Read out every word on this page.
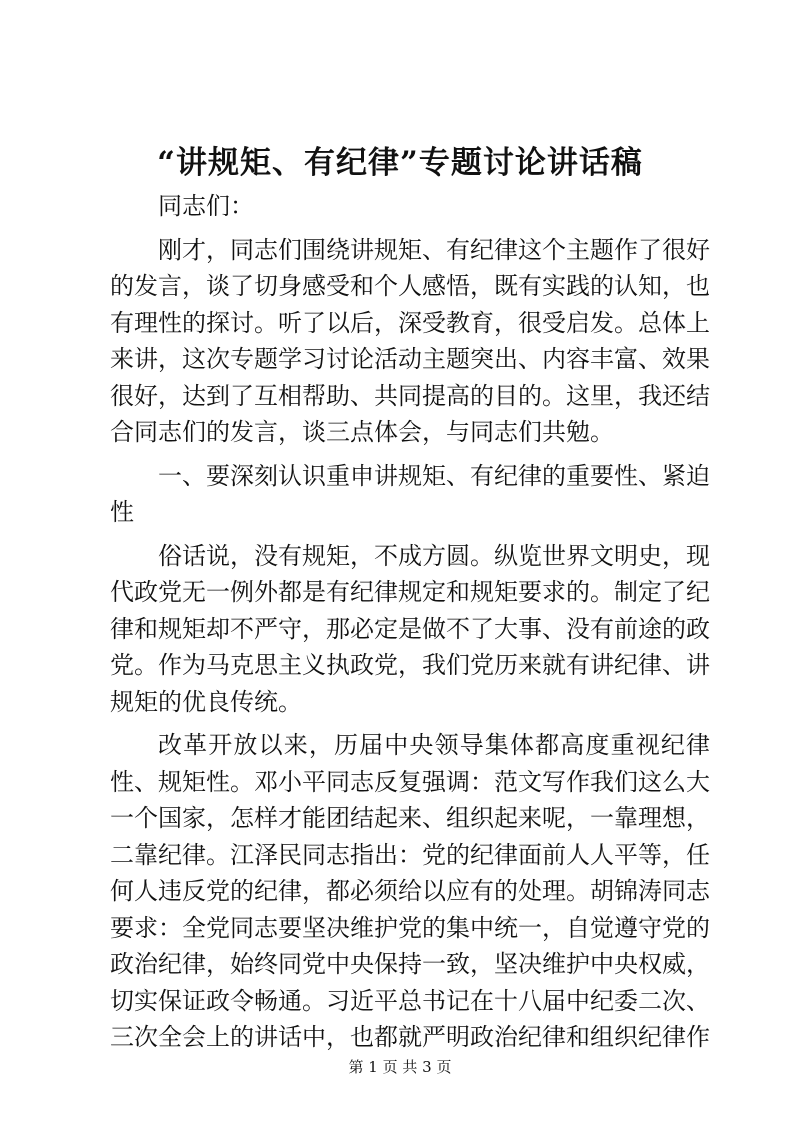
“讲规矩、有纪律”专题讨论讲话稿

同志们：

刚才，同志们围绕讲规矩、有纪律这个主题作了很好的发言，谈了切身感受和个人感悟，既有实践的认知，也有理性的探讨。听了以后，深受教育，很受启发。总体上来讲，这次专题学习讨论活动主题突出、内容丰富、效果很好，达到了互相帮助、共同提高的目的。这里，我还结合同志们的发言，谈三点体会，与同志们共勉。

一、要深刻认识重申讲规矩、有纪律的重要性、紧迫性

俗话说，没有规矩，不成方圆。纵览世界文明史，现代政党无一例外都是有纪律规定和规矩要求的。制定了纪律和规矩却不严守，那必定是做不了大事、没有前途的政党。作为马克思主义执政党，我们党历来就有讲纪律、讲规矩的优良传统。

改革开放以来，历届中央领导集体都高度重视纪律性、规矩性。邓小平同志反复强调：范文写作我们这么大一个国家，怎样才能团结起来、组织起来呢，一靠理想，二靠纪律。江泽民同志指出：党的纪律面前人人平等，任何人违反党的纪律，都必须给以应有的处理。胡锦涛同志要求：全党同志要坚决维护党的集中统一，自觉遵守党的政治纪律，始终同党中央保持一致，坚决维护中央权威，切实保证政令畅通。习近平总书记在十八届中纪委二次、三次全会上的讲话中，也都就严明政治纪律和组织纪律作

第 1 页 共 3 页
